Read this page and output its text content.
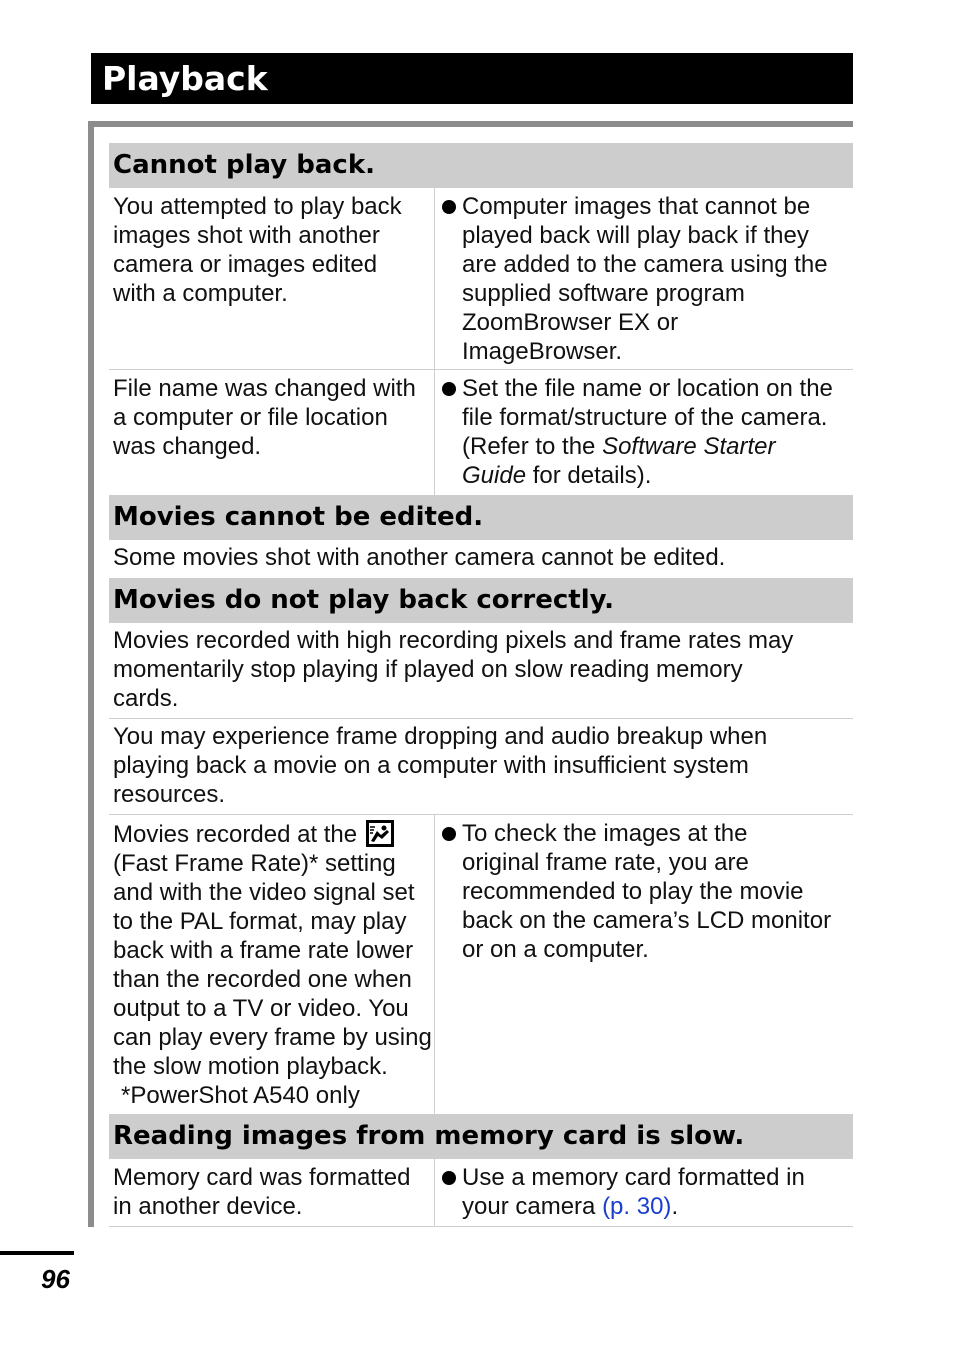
Playback
Cannot play back.
You attempted to play back
images shot with another
camera or images edited
with a computer.
Computer images that cannot be
played back will play back if they
are added to the camera using the
supplied software program
ZoomBrowser EX or
ImageBrowser.
File name was changed with
a computer or file location
was changed.
Set the file name or location on the
file format/structure of the camera.
(Refer to the Software Starter
Guide for details).
Movies cannot be edited.
Some movies shot with another camera cannot be edited.
Movies do not play back correctly.
Movies recorded with high recording pixels and frame rates may
momentarily stop playing if played on slow reading memory
cards.
You may experience frame dropping and audio breakup when
playing back a movie on a computer with insufficient system
resources.
Movies recorded at the
(Fast Frame Rate)* setting
and with the video signal set
to the PAL format, may play
back with a frame rate lower
than the recorded one when
output to a TV or video. You
can play every frame by using
the slow motion playback.
*PowerShot A540 only
To check the images at the
original frame rate, you are
recommended to play the movie
back on the camera’s LCD monitor
or on a computer.
Reading images from memory card is slow.
Memory card was formatted
in another device.
Use a memory card formatted in
your camera (p. 30).
96
